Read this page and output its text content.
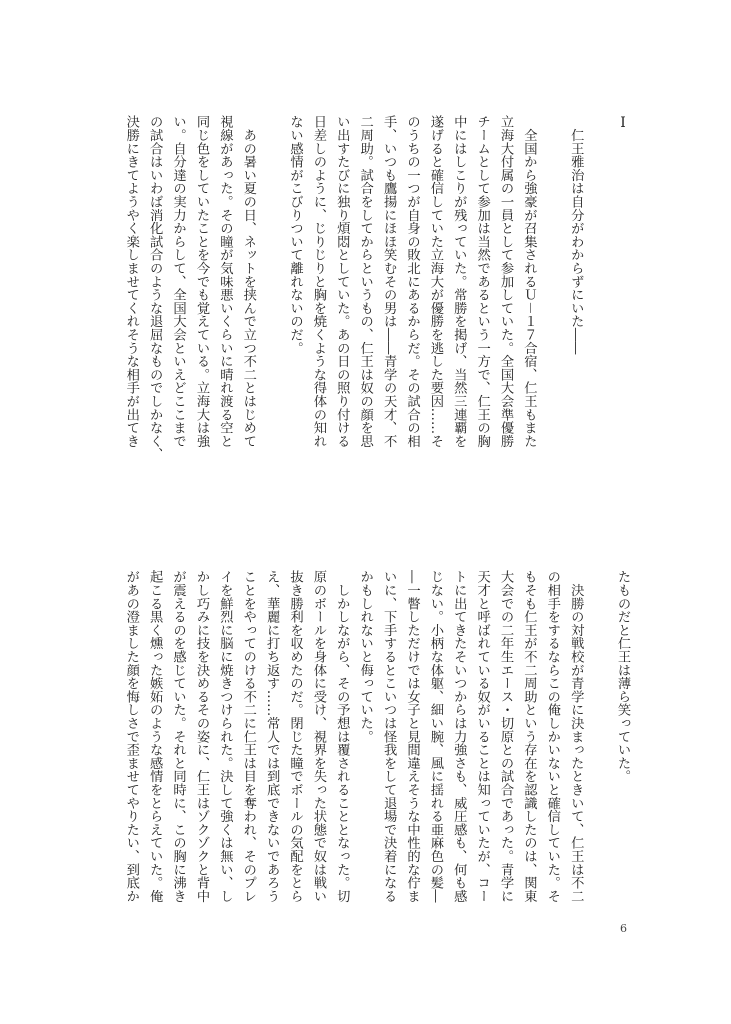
Ⅰ
　仁王雅治は自分がわからずにいた――
　全国から強豪が召集されるＵ－１７合宿、仁王もまた
立海大付属の一員として参加していた。全国大会準優勝
チームとして参加は当然であるという一方で、仁王の胸
中にはしこりが残っていた。常勝を掲げ、当然三連覇を
遂げると確信していた立海大が優勝を逃した要因……そ
のうちの一つが自身の敗北にあるからだ。その試合の相
手、いつも鷹揚にほほ笑むその男は――青学の天才、不
二周助。試合をしてからというもの、仁王は奴の顔を思
い出すたびに独り煩悶としていた。あの日の照り付ける
日差しのように、じりじりと胸を焼くような得体の知れ
ない感情がこびりついて離れないのだ。
　あの暑い夏の日、ネットを挟んで立つ不二とはじめて
視線があった。その瞳が気味悪いくらいに晴れ渡る空と
同じ色をしていたことを今でも覚えている。立海大は強
い。自分達の実力からして、全国大会といえどここまで
の試合はいわば消化試合のような退屈なものでしかなく、
決勝にきてようやく楽しませてくれそうな相手が出てき
たものだと仁王は薄ら笑っていた。
　決勝の対戦校が青学に決まったときいて、仁王は不二
の相手をするならこの俺しかいないと確信していた。そ
もそも仁王が不二周助という存在を認識したのは、関東
大会での二年生エース・切原との試合であった。青学に
天才と呼ばれている奴がいることは知っていたが、コー
トに出てきたそいつからは力強さも、威圧感も、何も感
じない。小柄な体躯、細い腕、風に揺れる亜麻色の髪―
―一瞥しただけでは女子と見間違えそうな中性的な佇ま
いに、下手するとこいつは怪我をして退場で決着になる
かもしれないと侮っていた。
　しかしながら、その予想は覆されることとなった。切
原のボールを身体に受け、視界を失った状態で奴は戦い
抜き勝利を収めたのだ。閉じた瞳でボールの気配をとら
え、華麗に打ち返す……常人では到底できないであろう
ことをやってのける不二に仁王は目を奪われ、そのプレ
イを鮮烈に脳に焼きつけられた。決して強くは無い、し
かし巧みに技を決めるその姿に、仁王はゾクゾクと背中
が震えるのを感じていた。それと同時に、この胸に沸き
起こる黒く燻った嫉妬のような感情をとらえていた。俺
があの澄ました顔を悔しさで歪ませてやりたい、到底か
6
